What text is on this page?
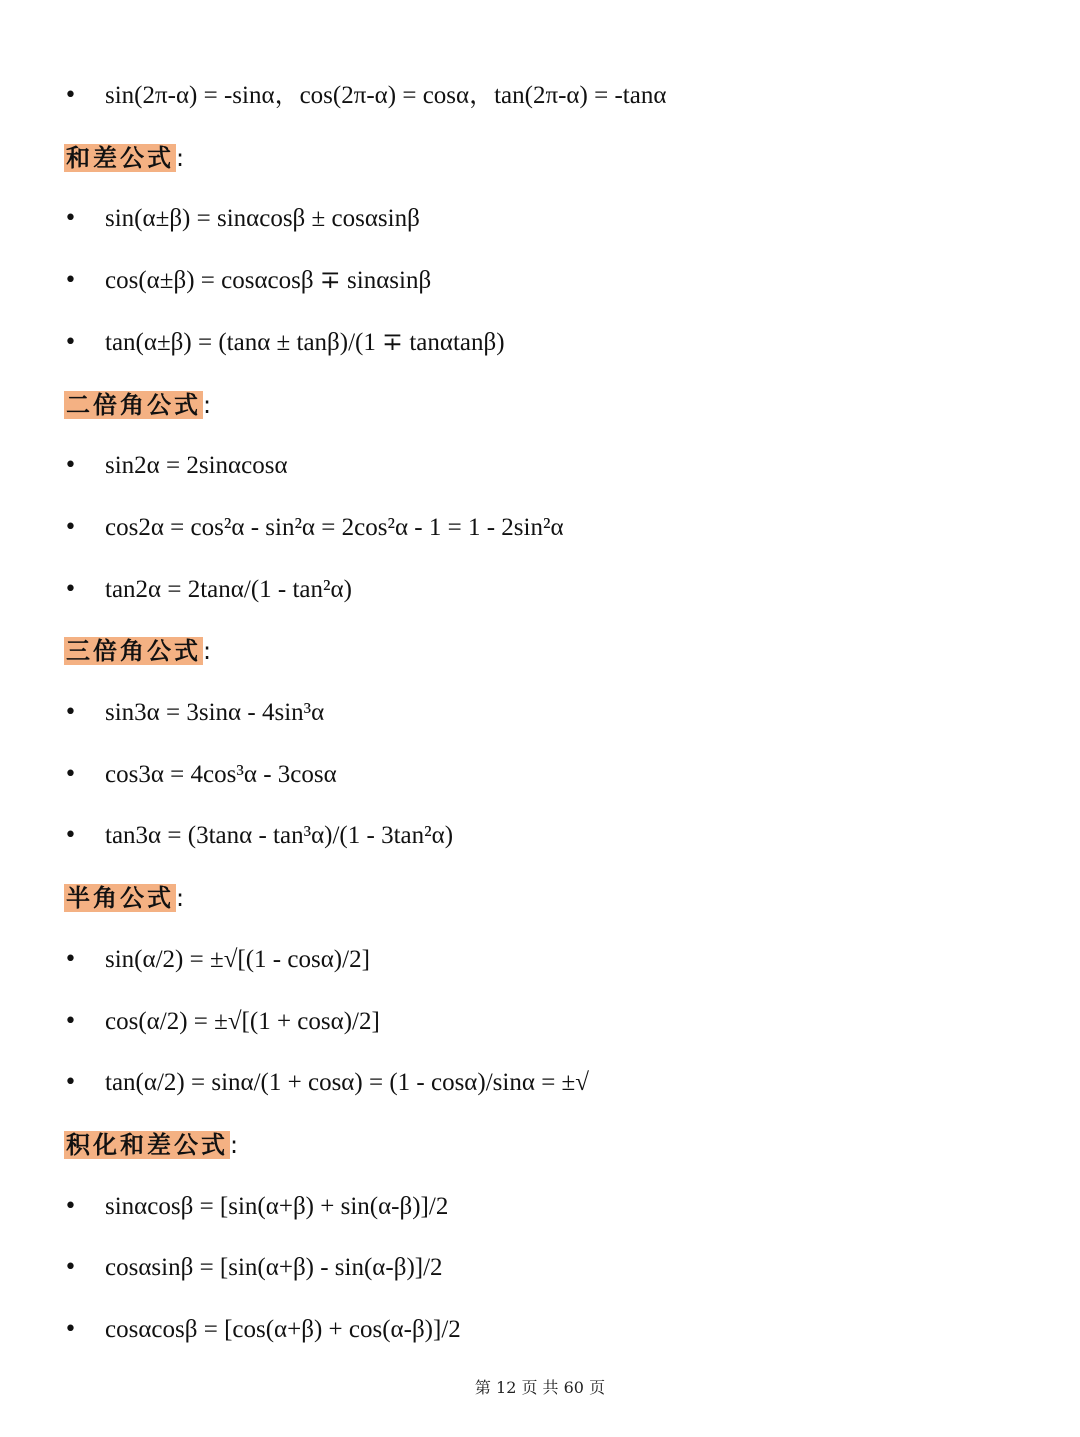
• sin(2π-α) = -sinα，cos(2π-α) = cosα，tan(2π-α) = -tanα
和差公式:
• sin(α±β) = sinαcosβ ± cosαsinβ
• cos(α±β) = cosαcosβ ∓ sinαsinβ
• tan(α±β) = (tanα ± tanβ)/(1 ∓ tanαtanβ)
二倍角公式:
• sin2α = 2sinαcosα
• cos2α = cos²α - sin²α = 2cos²α - 1 = 1 - 2sin²α
• tan2α = 2tanα/(1 - tan²α)
三倍角公式:
• sin3α = 3sinα - 4sin³α
• cos3α = 4cos³α - 3cosα
• tan3α = (3tanα - tan³α)/(1 - 3tan²α)
半角公式:
• sin(α/2) = ±√[(1 - cosα)/2]
• cos(α/2) = ±√[(1 + cosα)/2]
• tan(α/2) = sinα/(1 + cosα) = (1 - cosα)/sinα = ±√
积化和差公式:
• sinαcosβ = [sin(α+β) + sin(α-β)]/2
• cosαsinβ = [sin(α+β) - sin(α-β)]/2
• cosαcosβ = [cos(α+β) + cos(α-β)]/2
第 12 页 共 60 页
